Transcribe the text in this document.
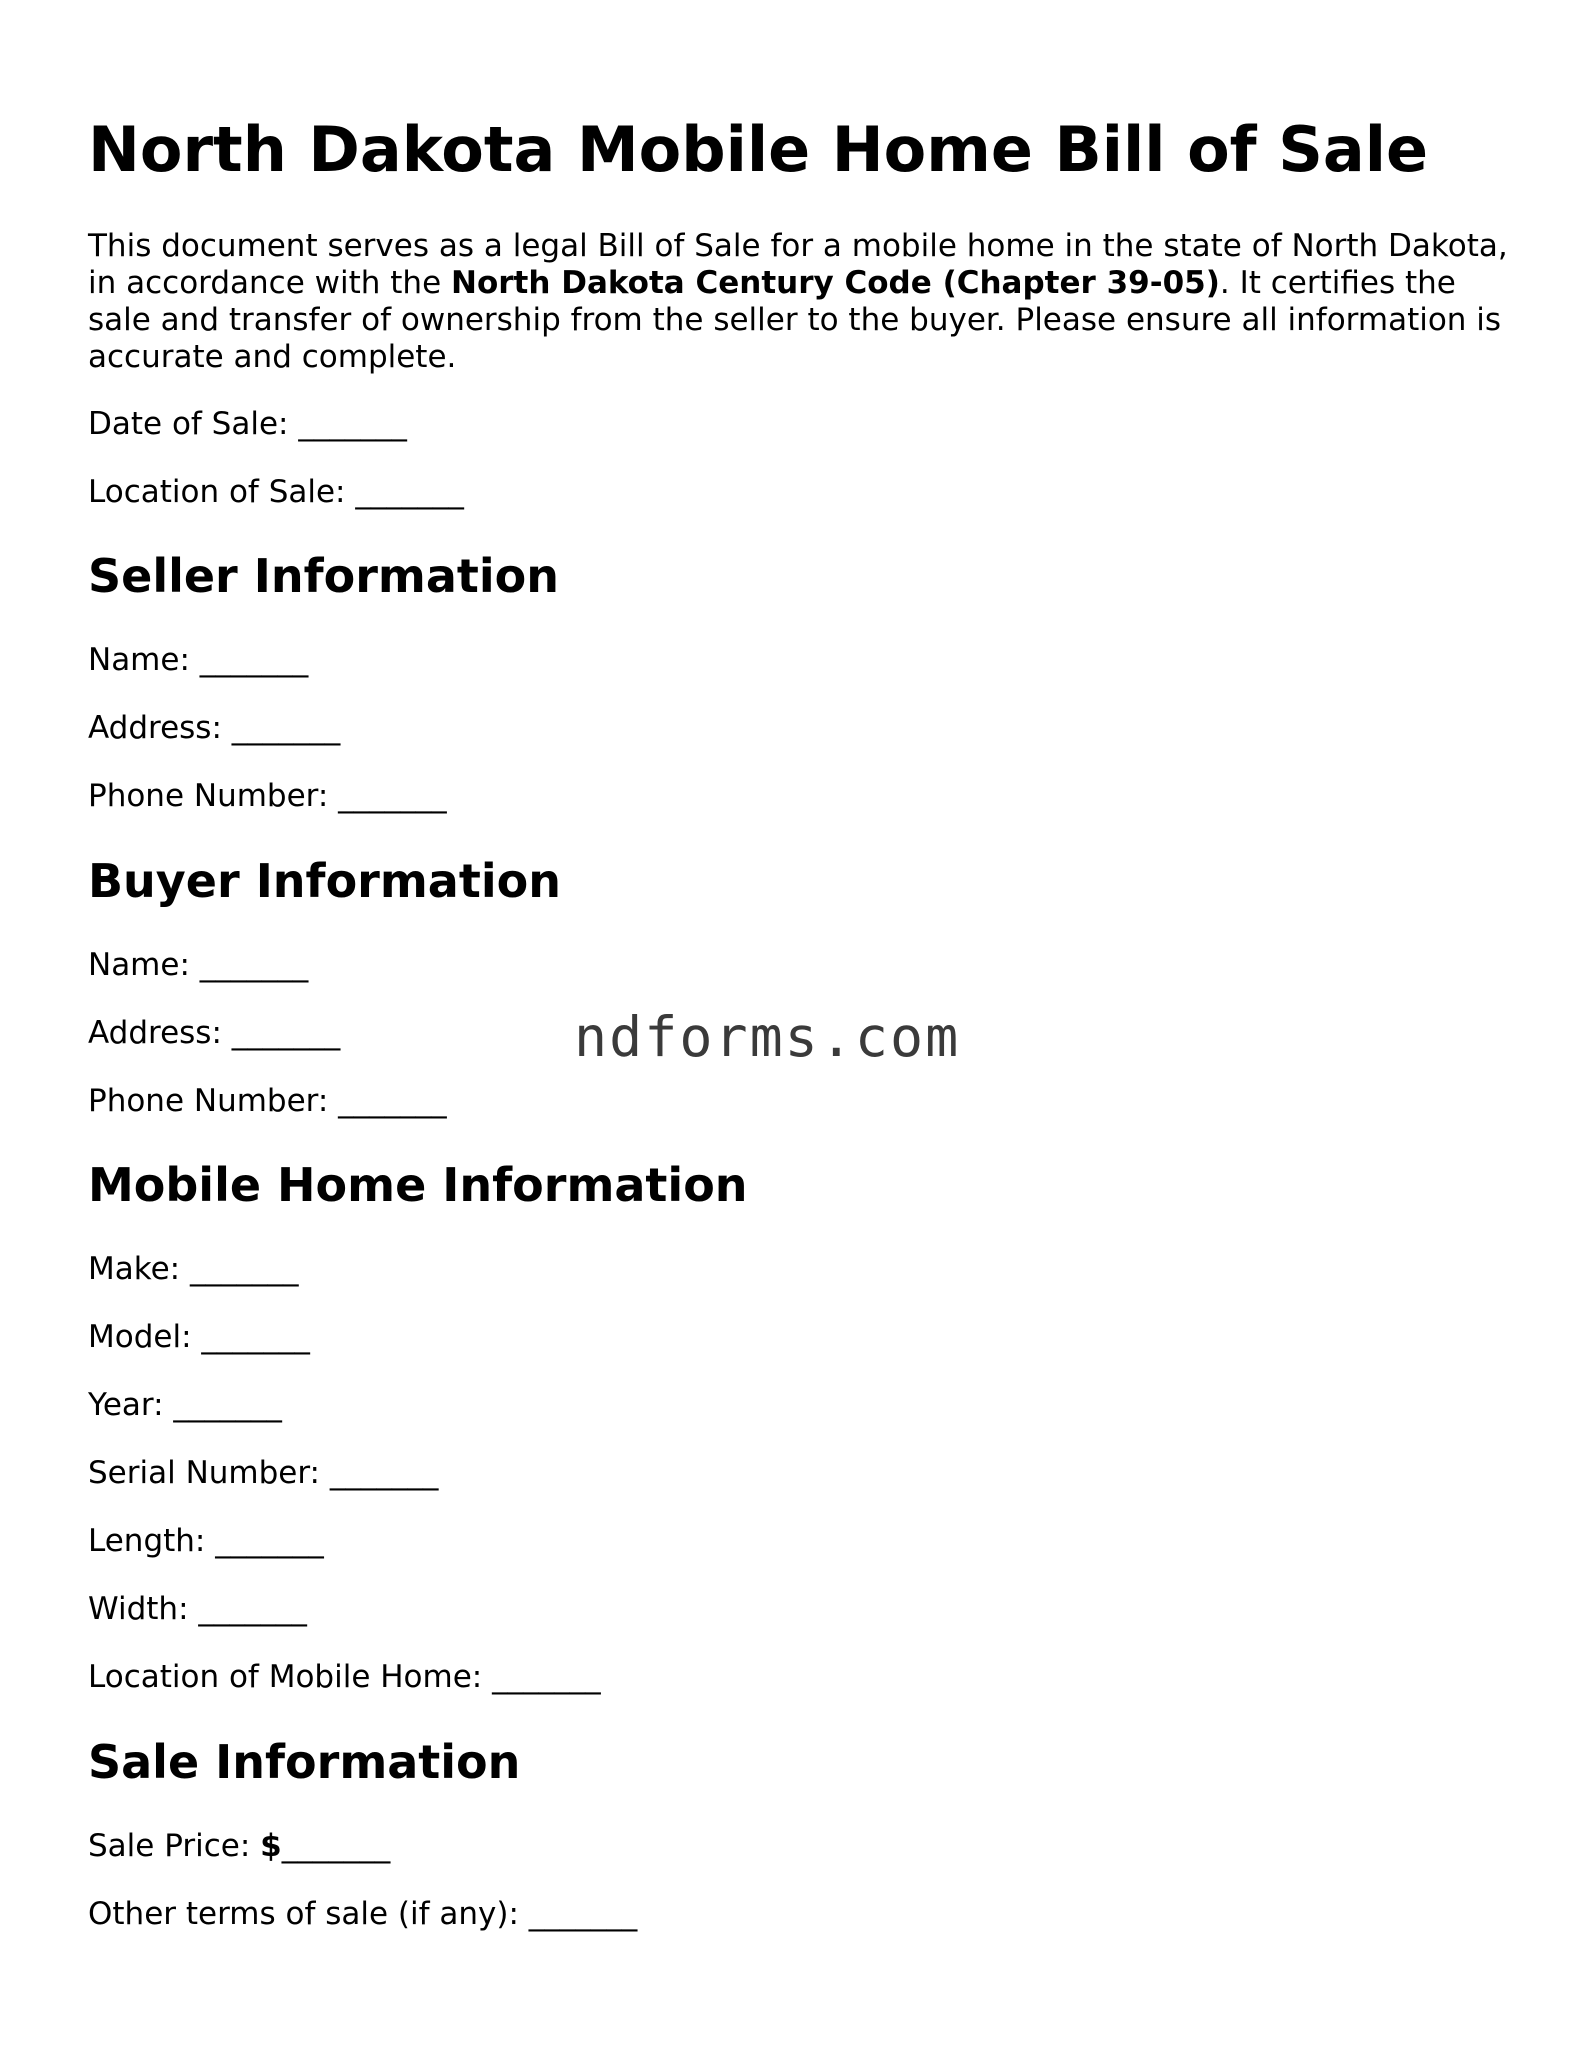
North Dakota Mobile Home Bill of Sale

This document serves as a legal Bill of Sale for a mobile home in the state of North Dakota, in accordance with the North Dakota Century Code (Chapter 39-05). It certifies the sale and transfer of ownership from the seller to the buyer. Please ensure all information is accurate and complete.

Date of Sale: _______

Location of Sale: _______

Seller Information

Name: _______

Address: _______

Phone Number: _______

Buyer Information

Name: _______

Address: _______

Phone Number: _______

Mobile Home Information

Make: _______

Model: _______

Year: _______

Serial Number: _______

Length: _______

Width: _______

Location of Mobile Home: _______

Sale Information

Sale Price: $_______

Other terms of sale (if any): _______

ndforms.com
